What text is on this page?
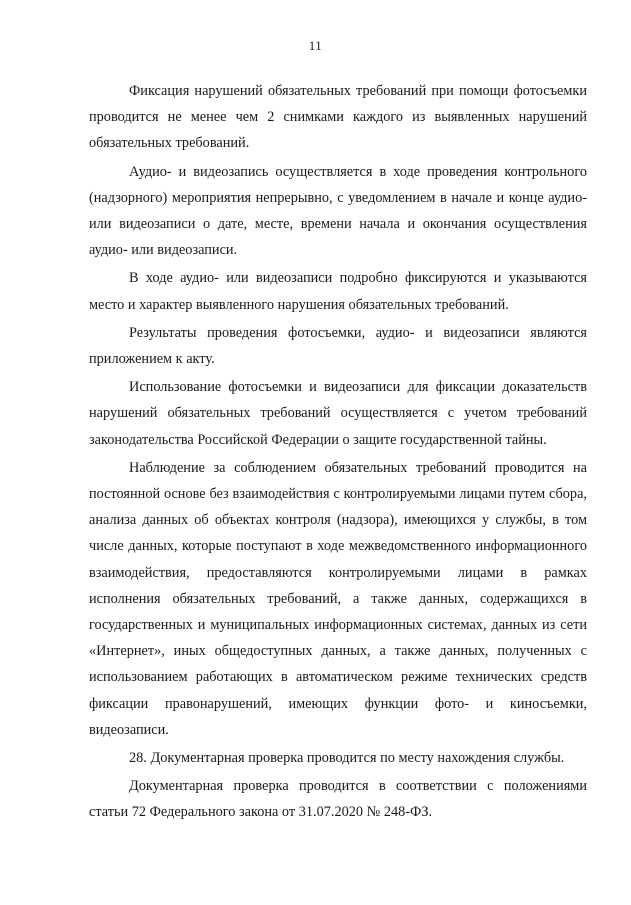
11

Фиксация нарушений обязательных требований при помощи фотосъемки проводится не менее чем 2 снимками каждого из выявленных нарушений обязательных требований.

Аудио- и видеозапись осуществляется в ходе проведения контрольного (надзорного) мероприятия непрерывно, с уведомлением в начале и конце аудио- или видеозаписи о дате, месте, времени начала и окончания осуществления аудио- или видеозаписи.

В ходе аудио- или видеозаписи подробно фиксируются и указываются место и характер выявленного нарушения обязательных требований.

Результаты проведения фотосъемки, аудио- и видеозаписи являются приложением к акту.

Использование фотосъемки и видеозаписи для фиксации доказательств нарушений обязательных требований осуществляется с учетом требований законодательства Российской Федерации о защите государственной тайны.

Наблюдение за соблюдением обязательных требований проводится на постоянной основе без взаимодействия с контролируемыми лицами путем сбора, анализа данных об объектах контроля (надзора), имеющихся у службы, в том числе данных, которые поступают в ходе межведомственного информационного взаимодействия, предоставляются контролируемыми лицами в рамках исполнения обязательных требований, а также данных, содержащихся в государственных и муниципальных информационных системах, данных из сети «Интернет», иных общедоступных данных, а также данных, полученных с использованием работающих в автоматическом режиме технических средств фиксации правонарушений, имеющих функции фото- и киносъемки, видеозаписи.

28. Документарная проверка проводится по месту нахождения службы.

Документарная проверка проводится в соответствии с положениями статьи 72 Федерального закона от 31.07.2020 № 248-ФЗ.
